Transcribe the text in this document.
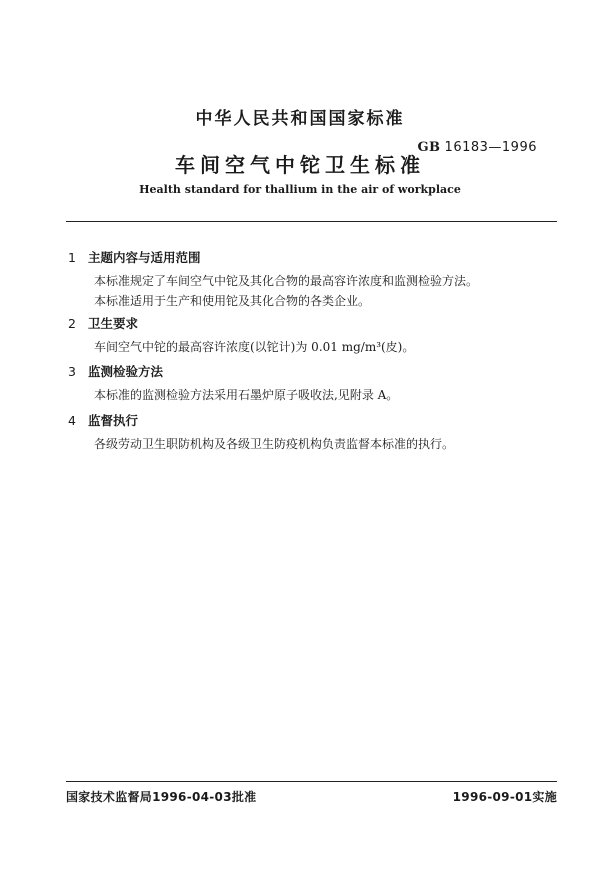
中华人民共和国国家标准
GB 16183—1996
车间空气中铊卫生标准
Health standard for thallium in the air of workplace
1 主题内容与适用范围

本标准规定了车间空气中铊及其化合物的最高容许浓度和监测检验方法。

本标准适用于生产和使用铊及其化合物的各类企业。

2 卫生要求

车间空气中铊的最高容许浓度(以铊计)为 0.01 mg/m³(皮)。

3 监测检验方法

本标准的监测检验方法采用石墨炉原子吸收法,见附录 A。

4 监督执行

各级劳动卫生职防机构及各级卫生防疫机构负责监督本标准的执行。

国家技术监督局1996-04-03批准	1996-09-01实施
